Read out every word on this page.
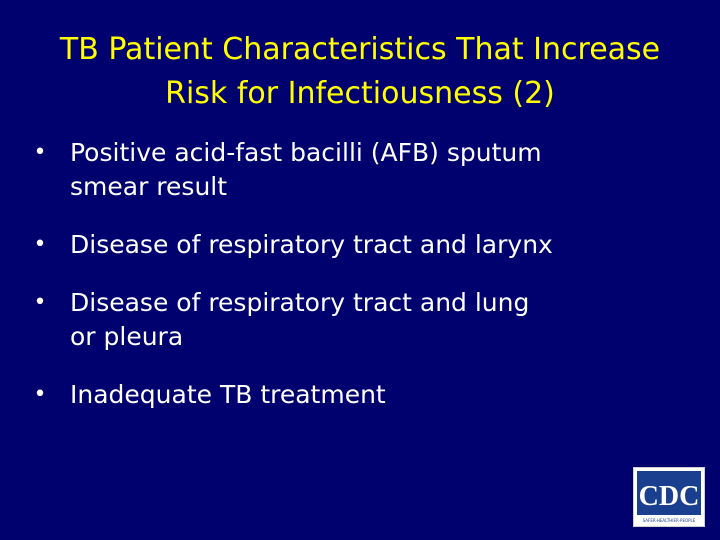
TB Patient Characteristics That Increase
Risk for Infectiousness (2)
• Positive acid-fast bacilli (AFB) sputum
smear result
• Disease of respiratory tract and larynx
• Disease of respiratory tract and lung
or pleura
• Inadequate TB treatment
CDC
SAFER·HEALTHIER·PEOPLE
